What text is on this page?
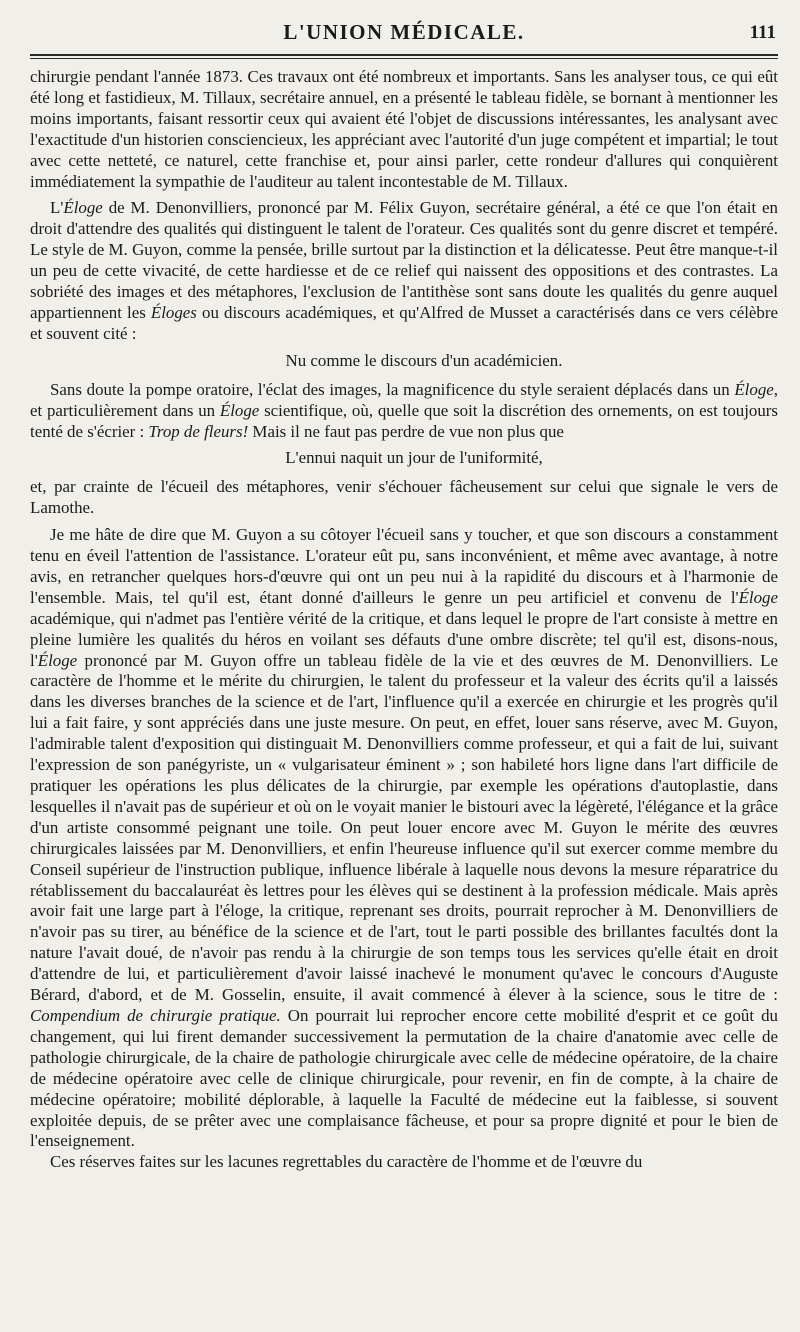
L'UNION MÉDICALE.	111

chirurgie pendant l'année 1873. Ces travaux ont été nombreux et importants. Sans les analyser tous, ce qui eût été long et fastidieux, M. Tillaux, secrétaire annuel, en a présenté le tableau fidèle, se bornant à mentionner les moins importants, faisant ressortir ceux qui avaient été l'objet de discussions intéressantes, les analysant avec l'exactitude d'un historien consciencieux, les appréciant avec l'autorité d'un juge compétent et impartial; le tout avec cette netteté, ce naturel, cette franchise et, pour ainsi parler, cette rondeur d'allures qui conquièrent immédiatement la sympathie de l'auditeur au talent incontestable de M. Tillaux.

L'Éloge de M. Denonvilliers, prononcé par M. Félix Guyon, secrétaire général, a été ce que l'on était en droit d'attendre des qualités qui distinguent le talent de l'orateur. Ces qualités sont du genre discret et tempéré. Le style de M. Guyon, comme la pensée, brille surtout par la distinction et la délicatesse. Peut être manque-t-il un peu de cette vivacité, de cette hardiesse et de ce relief qui naissent des oppositions et des contrastes. La sobriété des images et des métaphores, l'exclusion de l'antithèse sont sans doute les qualités du genre auquel appartiennent les Éloges ou discours académiques, et qu'Alfred de Musset a caractérisés dans ce vers célèbre et souvent cité :

Nu comme le discours d'un académicien.

Sans doute la pompe oratoire, l'éclat des images, la magnificence du style seraient déplacés dans un Éloge, et particulièrement dans un Éloge scientifique, où, quelle que soit la discrétion des ornements, on est toujours tenté de s'écrier : Trop de fleurs! Mais il ne faut pas perdre de vue non plus que

L'ennui naquit un jour de l'uniformité,

et, par crainte de l'écueil des métaphores, venir s'échouer fâcheusement sur celui que signale le vers de Lamothe.

Je me hâte de dire que M. Guyon a su côtoyer l'écueil sans y toucher, et que son discours a constamment tenu en éveil l'attention de l'assistance. L'orateur eût pu, sans inconvénient, et même avec avantage, à notre avis, en retrancher quelques hors-d'œuvre qui ont un peu nui à la rapidité du discours et à l'harmonie de l'ensemble. Mais, tel qu'il est, étant donné d'ailleurs le genre un peu artificiel et convenu de l'Éloge académique, qui n'admet pas l'entière vérité de la critique, et dans lequel le propre de l'art consiste à mettre en pleine lumière les qualités du héros en voilant ses défauts d'une ombre discrète; tel qu'il est, disons-nous, l'Éloge prononcé par M. Guyon offre un tableau fidèle de la vie et des œuvres de M. Denonvilliers. Le caractère de l'homme et le mérite du chirurgien, le talent du professeur et la valeur des écrits qu'il a laissés dans les diverses branches de la science et de l'art, l'influence qu'il a exercée en chirurgie et les progrès qu'il lui a fait faire, y sont appréciés dans une juste mesure. On peut, en effet, louer sans réserve, avec M. Guyon, l'admirable talent d'exposition qui distinguait M. Denonvilliers comme professeur, et qui a fait de lui, suivant l'expression de son panégyriste, un « vulgarisateur éminent » ; son habileté hors ligne dans l'art difficile de pratiquer les opérations les plus délicates de la chirurgie, par exemple les opérations d'autoplastie, dans lesquelles il n'avait pas de supérieur et où on le voyait manier le bistouri avec la légèreté, l'élégance et la grâce d'un artiste consommé peignant une toile. On peut louer encore avec M. Guyon le mérite des œuvres chirurgicales laissées par M. Denonvilliers, et enfin l'heureuse influence qu'il sut exercer comme membre du Conseil supérieur de l'instruction publique, influence libérale à laquelle nous devons la mesure réparatrice du rétablissement du baccalauréat ès lettres pour les élèves qui se destinent à la profession médicale. Mais après avoir fait une large part à l'éloge, la critique, reprenant ses droits, pourrait reprocher à M. Denonvilliers de n'avoir pas su tirer, au bénéfice de la science et de l'art, tout le parti possible des brillantes facultés dont la nature l'avait doué, de n'avoir pas rendu à la chirurgie de son temps tous les services qu'elle était en droit d'attendre de lui, et particulièrement d'avoir laissé inachevé le monument qu'avec le concours d'Auguste Bérard, d'abord, et de M. Gosselin, ensuite, il avait commencé à élever à la science, sous le titre de : Compendium de chirurgie pratique. On pourrait lui reprocher encore cette mobilité d'esprit et ce goût du changement, qui lui firent demander successivement la permutation de la chaire d'anatomie avec celle de pathologie chirurgicale, de la chaire de pathologie chirurgicale avec celle de médecine opératoire, de la chaire de médecine opératoire avec celle de clinique chirurgicale, pour revenir, en fin de compte, à la chaire de médecine opératoire; mobilité déplorable, à laquelle la Faculté de médecine eut la faiblesse, si souvent exploitée depuis, de se prêter avec une complaisance fâcheuse, et pour sa propre dignité et pour le bien de l'enseignement.

Ces réserves faites sur les lacunes regrettables du caractère de l'homme et de l'œuvre du
